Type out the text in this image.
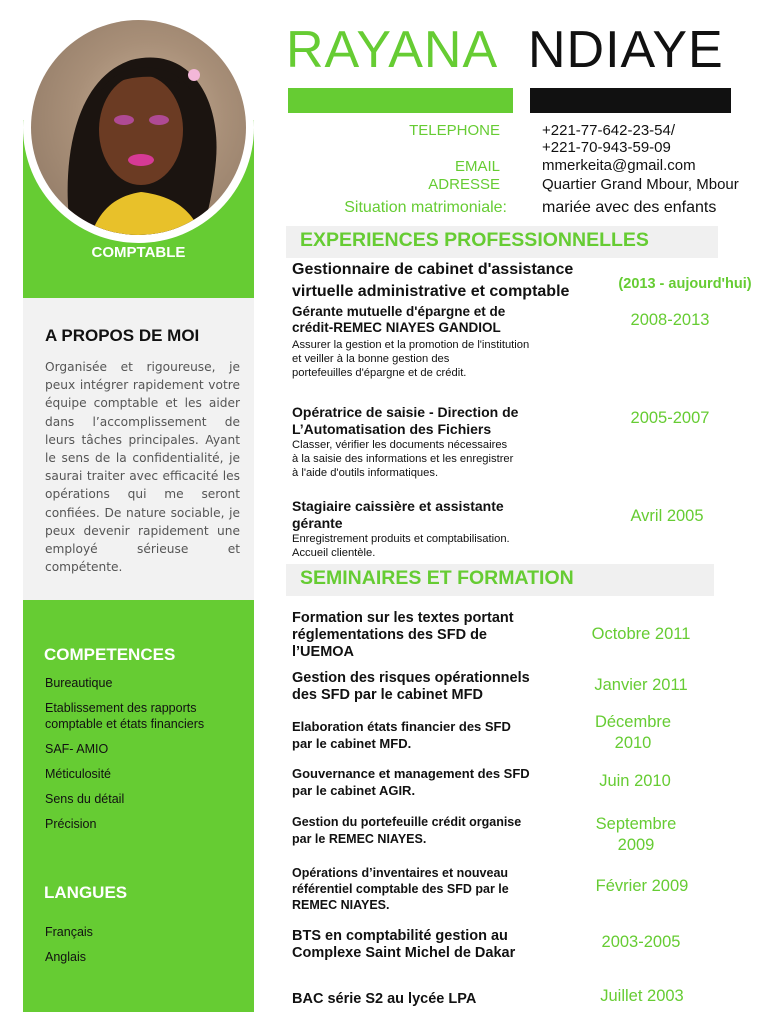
COMPTABLE
A PROPOS DE MOI
Organisée et rigoureuse, je peux intégrer rapidement votre équipe comptable et les aider dans l’accomplissement de leurs tâches principales. Ayant le sens de la confidentialité, je saurai traiter avec efficacité les opérations qui me seront confiées. De nature sociable, je peux devenir rapidement une employé sérieuse et compétente.
COMPETENCES
Bureautique
Etablissement des rapports
comptable et états financiers
SAF- AMIO
Méticulosité
Sens du détail
Précision
LANGUES
Français
Anglais
RAYANA NDIAYE
TELEPHONE	+221-77-642-23-54/
+221-70-943-59-09
EMAIL	mmerkeita@gmail.com
ADRESSE	Quartier Grand Mbour, Mbour
Situation matrimoniale: mariée avec des enfants
EXPERIENCES PROFESSIONNELLES
Gestionnaire de cabinet d'assistance
virtuelle administrative et comptable	(2013 - aujourd'hui)
Gérante mutuelle d'épargne et de
crédit-REMEC NIAYES GANDIOL
Assurer la gestion et la promotion de l'institution
et veiller à la bonne gestion des
portefeuilles d'épargne et de crédit.
2008-2013
Opératrice de saisie - Direction de
L’Automatisation des Fichiers
Classer, vérifier les documents nécessaires
à la saisie des informations et les enregistrer
à l'aide d'outils informatiques.
2005-2007
Stagiaire caissière et assistante
gérante
Enregistrement produits et comptabilisation.
Accueil clientèle.
Avril 2005
SEMINAIRES ET FORMATION
Formation sur les textes portant
réglementations des SFD de
l’UEMOA
Octobre 2011
Gestion des risques opérationnels
des SFD par le cabinet MFD
Janvier 2011
Elaboration états financier des SFD
par le cabinet MFD.
Décembre
2010
Gouvernance et management des SFD
par le cabinet AGIR.
Juin 2010
Gestion du portefeuille crédit organise
par le REMEC NIAYES.
Septembre
2009
Opérations d’inventaires et nouveau
référentiel comptable des SFD par le
REMEC NIAYES.
Février 2009
BTS en comptabilité gestion au
Complexe Saint Michel de Dakar
2003-2005
BAC série S2 au lycée LPA	Juillet 2003
